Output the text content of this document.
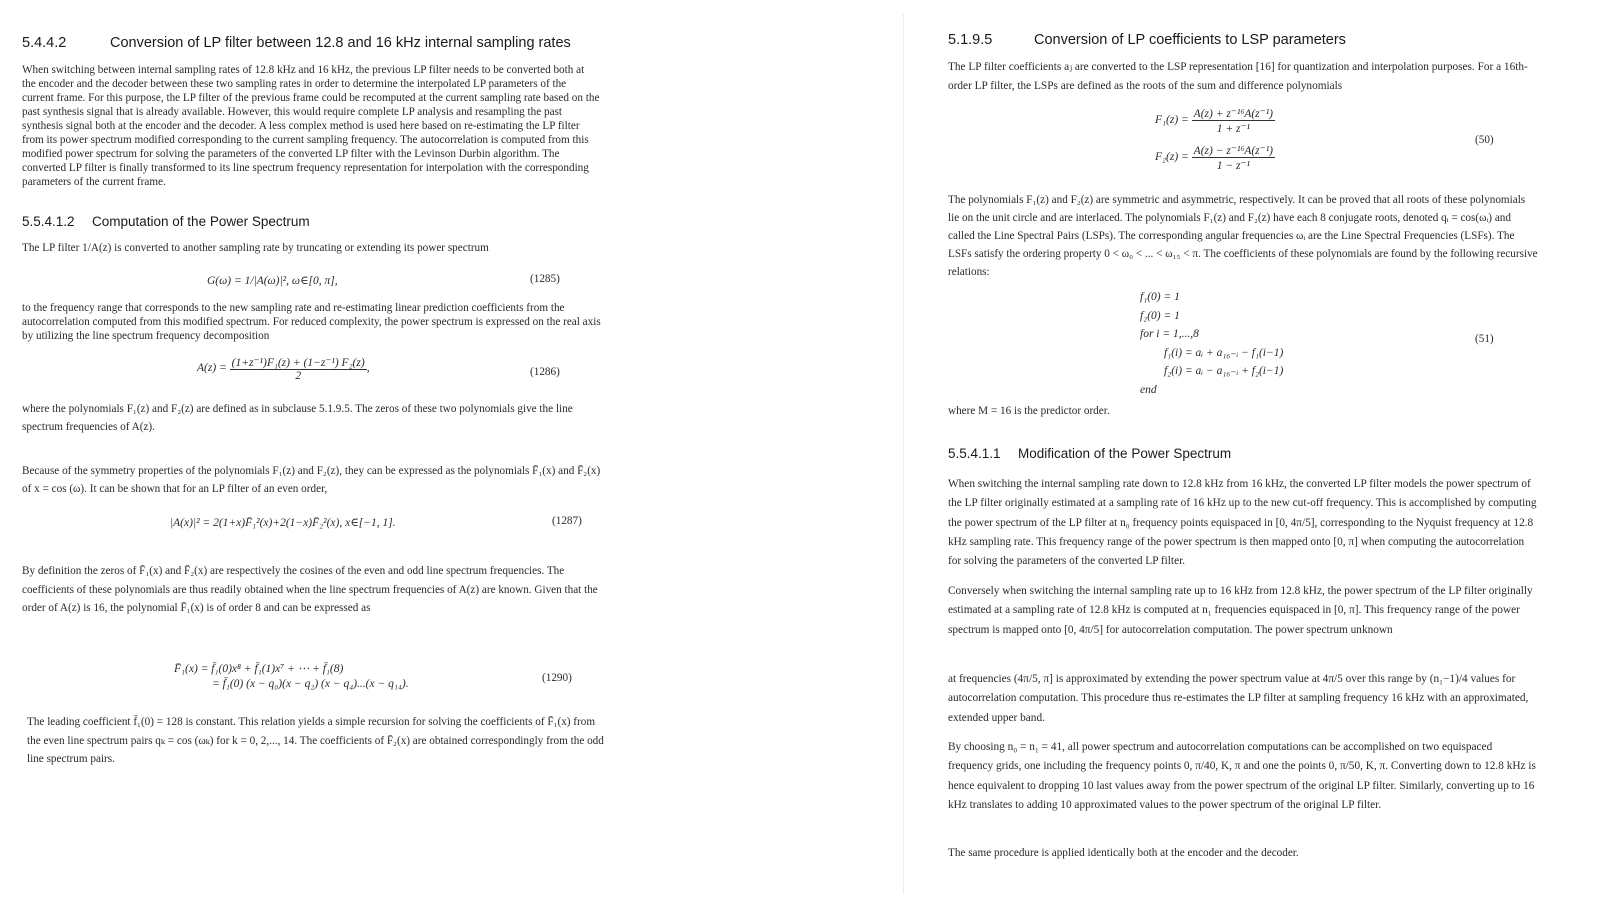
5.4.4.2	Conversion of LP filter between 12.8 and 16 kHz internal sampling rates
When switching between internal sampling rates of 12.8 kHz and 16 kHz, the previous LP filter needs to be converted both at the encoder and the decoder between these two sampling rates in order to determine the interpolated LP parameters of the current frame. For this purpose, the LP filter of the previous frame could be recomputed at the current sampling rate based on the past synthesis signal that is already available. However, this would require complete LP analysis and resampling the past synthesis signal both at the encoder and the decoder. A less complex method is used here based on re-estimating the LP filter from its power spectrum modified corresponding to the current sampling frequency. The autocorrelation is computed from this modified power spectrum for solving the parameters of the converted LP filter with the Levinson Durbin algorithm. The converted LP filter is finally transformed to its line spectrum frequency representation for interpolation with the corresponding parameters of the current frame.
5.5.4.1.2 Computation of the Power Spectrum
The LP filter 1/A(z) is converted to another sampling rate by truncating or extending its power spectrum
G(ω) = 1/|A(ω)|², ω∈[0, π],	(1285)
to the frequency range that corresponds to the new sampling rate and re-estimating linear prediction coefficients from the autocorrelation computed from this modified spectrum. For reduced complexity, the power spectrum is expressed on the real axis by utilizing the line spectrum frequency decomposition
$A(z) = \frac{\text{(1+z⁻¹)F₁(z) + (1−z⁻¹) F₂(z)}}{2}$ ,	(1286)
where the polynomials F₁(z) and F₂(z) are defined as in subclause 5.1.9.5. The zeros of these two polynomials give the line spectrum frequencies of A(z).
Because of the symmetry properties of the polynomials F₁(z) and F₂(z), they can be expressed as the polynomials F̄₁(x) and F̄₂(x) of x = cos (ω). It can be shown that for an LP filter of an even order,
|A(x)|² = 2(1+x)F̄₁²(x)+2(1−x)F̄₂²(x), x∈[−1, 1].	(1287)
By definition the zeros of F̄₁(x) and F̄₂(x) are respectively the cosines of the even and odd line spectrum frequencies. The coefficients of these polynomials are thus readily obtained when the line spectrum frequencies of A(z) are known. Given that the order of A(z) is 16, the polynomial F̄₁(x) is of order 8 and can be expressed as
F̄₁(x) = f̄₁(0)x⁸ + f̄₁(1)x⁷ + ⋯ + f̄₁(8)
= f̄₁(0) (x − q₀)(x − q₂) (x − q₄)...(x − q₁₄).	(1290)
The leading coefficient f̄₁(0) = 128 is constant. This relation yields a simple recursion for solving the coefficients of F̄₁(x) from the even line spectrum pairs qₖ = cos (ωₖ) for k = 0, 2,..., 14. The coefficients of F̄₂(x) are obtained correspondingly from the odd line spectrum pairs.
5.1.9.5	Conversion of LP coefficients to LSP parameters
The LP filter coefficients aⱼ are converted to the LSP representation [16] for quantization and interpolation purposes. For a 16th-order LP filter, the LSPs are defined as the roots of the sum and difference polynomials
$F_1(z) = \frac{\text{A(z) + z⁻¹⁶A(z⁻¹)}}{\text{1 + z⁻¹}}$
$F_2(z) = \frac{\text{A(z) − z⁻¹⁶A(z⁻¹)}}{\text{1 − z⁻¹}}$
(50)
The polynomials F₁(z) and F₂(z) are symmetric and asymmetric, respectively. It can be proved that all roots of these polynomials lie on the unit circle and are interlaced. The polynomials F₁(z) and F₂(z) have each 8 conjugate roots, denoted qᵢ = cos(ωᵢ) and called the Line Spectral Pairs (LSPs). The corresponding angular frequencies ωᵢ are the Line Spectral Frequencies (LSFs). The LSFs satisfy the ordering property 0 < ω₀ < ... < ω₁₅ < π. The coefficients of these polynomials are found by the following recursive relations:
f₁(0) = 1
f₂(0) = 1
for i = 1,...,8
f₁(i) = aᵢ + a₁₆₋ᵢ − f₁(i−1)
f₂(i) = aᵢ − a₁₆₋ᵢ + f₂(i−1)
end
(51)
where M = 16 is the predictor order.
5.5.4.1.1 Modification of the Power Spectrum
When switching the internal sampling rate down to 12.8 kHz from 16 kHz, the converted LP filter models the power spectrum of the LP filter originally estimated at a sampling rate of 16 kHz up to the new cut-off frequency. This is accomplished by computing the power spectrum of the LP filter at n₀ frequency points equispaced in [0, 4π/5], corresponding to the Nyquist frequency at 12.8 kHz sampling rate. This frequency range of the power spectrum is then mapped onto [0, π] when computing the autocorrelation for solving the parameters of the converted LP filter.
Conversely when switching the internal sampling rate up to 16 kHz from 12.8 kHz, the power spectrum of the LP filter originally estimated at a sampling rate of 12.8 kHz is computed at n₁ frequencies equispaced in [0, π]. This frequency range of the power spectrum is mapped onto [0, 4π/5] for autocorrelation computation. The power spectrum unknown
at frequencies (4π/5, π] is approximated by extending the power spectrum value at 4π/5 over this range by (n₁−1)/4 values for autocorrelation computation. This procedure thus re-estimates the LP filter at sampling frequency 16 kHz with an approximated, extended upper band.
By choosing n₀ = n₁ = 41, all power spectrum and autocorrelation computations can be accomplished on two equispaced frequency grids, one including the frequency points 0, π/40, K, π and one the points 0, π/50, K, π. Converting down to 12.8 kHz is hence equivalent to dropping 10 last values away from the power spectrum of the original LP filter. Similarly, converting up to 16 kHz translates to adding 10 approximated values to the power spectrum of the original LP filter.
The same procedure is applied identically both at the encoder and the decoder.
